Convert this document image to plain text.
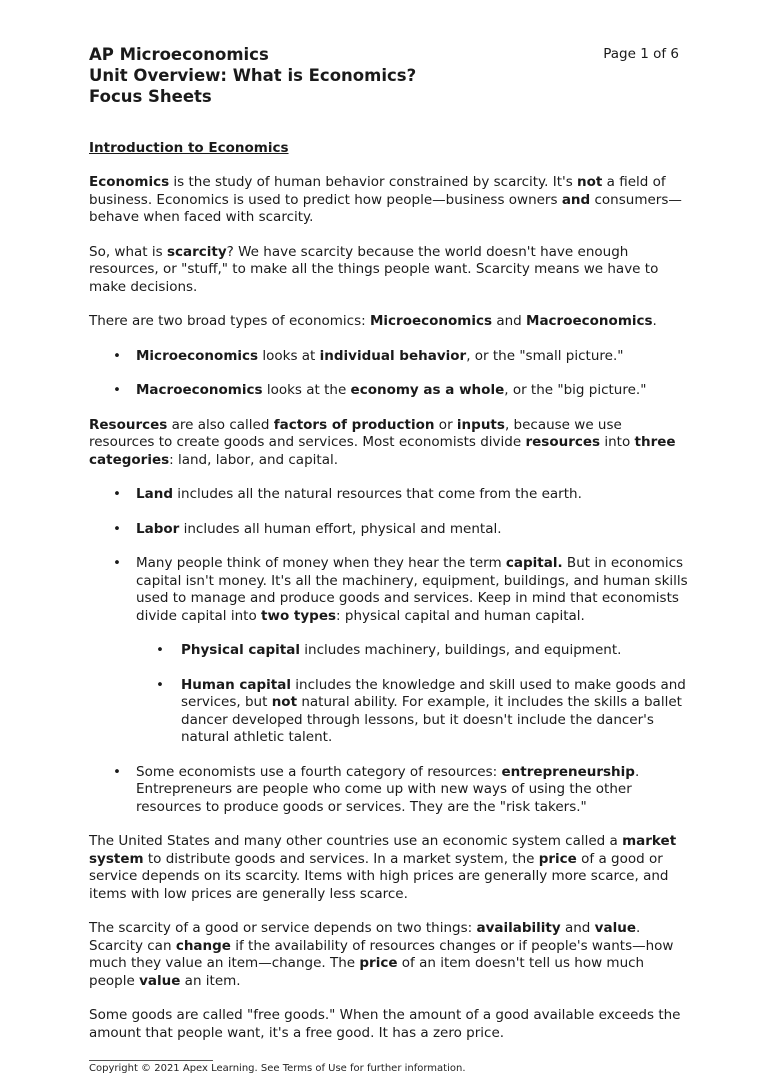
AP Microeconomics

Unit Overview: What is Economics?

Focus Sheets

Page 1 of 6
Introduction to Economics

Economics is the study of human behavior constrained by scarcity. It's not a field of business. Economics is used to predict how people—business owners and consumers—behave when faced with scarcity.

So, what is scarcity? We have scarcity because the world doesn't have enough resources, or "stuff," to make all the things people want. Scarcity means we have to make decisions.

There are two broad types of economics: Microeconomics and Macroeconomics.

• Microeconomics looks at individual behavior, or the "small picture."
• Macroeconomics looks at the economy as a whole, or the "big picture."

Resources are also called factors of production or inputs, because we use resources to create goods and services. Most economists divide resources into three categories: land, labor, and capital.

• Land includes all the natural resources that come from the earth.
• Labor includes all human effort, physical and mental.
• Many people think of money when they hear the term capital. But in economics capital isn't money. It's all the machinery, equipment, buildings, and human skills used to manage and produce goods and services. Keep in mind that economists divide capital into two types: physical capital and human capital.
• Physical capital includes machinery, buildings, and equipment.
• Human capital includes the knowledge and skill used to make goods and services, but not natural ability. For example, it includes the skills a ballet dancer developed through lessons, but it doesn't include the dancer's natural athletic talent.
• Some economists use a fourth category of resources: entrepreneurship. Entrepreneurs are people who come up with new ways of using the other resources to produce goods or services. They are the "risk takers."

The United States and many other countries use an economic system called a market system to distribute goods and services. In a market system, the price of a good or service depends on its scarcity. Items with high prices are generally more scarce, and items with low prices are generally less scarce.

The scarcity of a good or service depends on two things: availability and value. Scarcity can change if the availability of resources changes or if people's wants—how much they value an item—change. The price of an item doesn't tell us how much people value an item.

Some goods are called "free goods." When the amount of a good available exceeds the amount that people want, it's a free good. It has a zero price.

Copyright © 2021 Apex Learning. See Terms of Use for further information.
